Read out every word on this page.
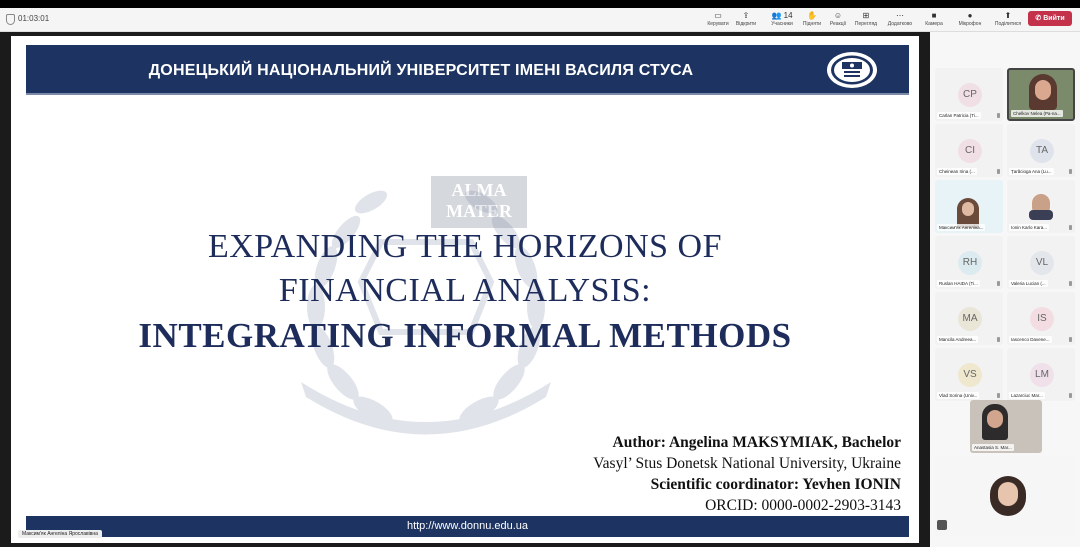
01:03:01	▭
Керувати
⇪
Відкрити
👥 14
Учасники
✋
Підняти
☺
Реакції
⊞
Перегляд
⋯
Додатково
■
Камера
●
Мікрофон
⬆
Поділитися
✆ Вийти
ДОНЕЦЬКИЙ НАЦІОНАЛЬНИЙ УНІВЕРСИТЕТ ІМЕНІ ВАСИЛЯ СТУСА
ALMA MATER
EXPANDING THE HORIZONS OF
FINANCIAL ANALYSIS:
INTEGRATING INFORMAL METHODS
Author: Angelina MAKSYMIAK, Bachelor
Vasyl’ Stus Donetsk National University, Ukraine
Scientific coordinator: Yevhen IONIN
ORCID: 0000-0002-2903-3143
http://www.donnu.edu.ua
Максим'як Ангеліна Ярославівна
CP
Carlan Patricia (Ti...	Chelkov Nelea (Ра-na...
CI
Cheinean Irina (...
TA
Țarăcioga Ana (Lu...
Максим'як Ангеліна...	Ionin Karlo Kara...
RH
Ruslan HAIDA (Ti...
VL
Valeria Lucian (...
MA
Mancila Andreea...
IS
Iascenco Davene...
VS
Vlad Sorina (Univ...
LM
Lazarciuc Mar...
Anastasia S. Mar...
